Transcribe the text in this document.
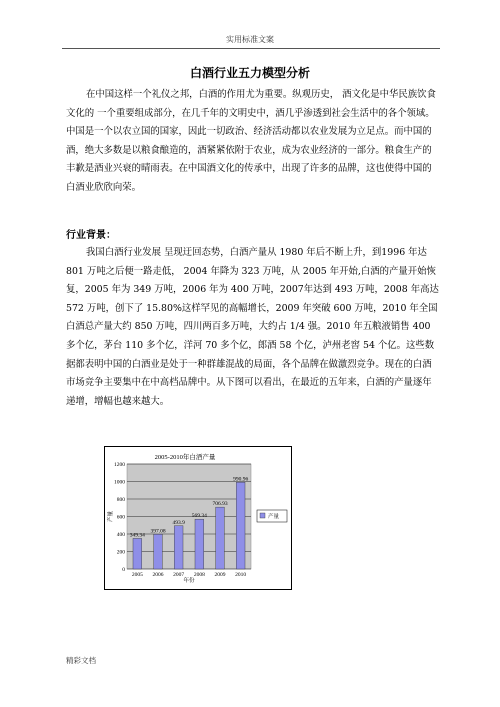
实用标准文案
白酒行业五力模型分析
在中国这样一个礼仪之邦，白酒的作用尤为重要。纵观历史， 酒文化是中华民族饮食文化的 一个重要组成部分，在几千年的文明史中，酒几乎渗透到社会生活中的各个领域。中国是一个以农立国的国家，因此一切政治、经济活动都以农业发展为立足点。而中国的酒，绝大多数是以粮食酿造的，酒紧紧依附于农业，成为农业经济的一部分。粮食生产的丰歉是酒业兴衰的晴雨表。在中国酒文化的传承中，出现了许多的品牌，这也使得中国的白酒业欣欣向荣。
行业背景：
我国白酒行业发展 呈现迂回态势，白酒产量从 1980 年后不断上升，到1996 年达 801 万吨之后便一路走低， 2004 年降为 323 万吨，从 2005 年开始,白酒的产量开始恢复，2005 年为 349 万吨，2006 年为 400 万吨，2007年达到 493 万吨，2008 年高达 572 万吨，创下了 15.80%这样罕见的高幅增长，2009 年突破 600 万吨，2010 年全国白酒总产量大约 850 万吨，四川两百多万吨，大约占 1/4 强。2010 年五粮液销售 400 多个亿，茅台 110 多个亿，洋河 70 多个亿，郎酒 58 个亿，泸州老窖 54 个亿。这些数据都表明中国的白酒业是处于一种群雄混战的局面，各个品牌在做激烈竞争。现在的白酒市场竞争主要集中在中高档品牌中。从下图可以看出，在最近的五年来，白酒的产量逐年递增，增幅也越来越大。
2005-2010年白酒产量
0
200
400
600
800
1000
1200
349.34
2005
397.08
2006
493.9
2007
569.34
2008
706.93
2009
990.96
2010
年份
产量	产量
精彩文档
